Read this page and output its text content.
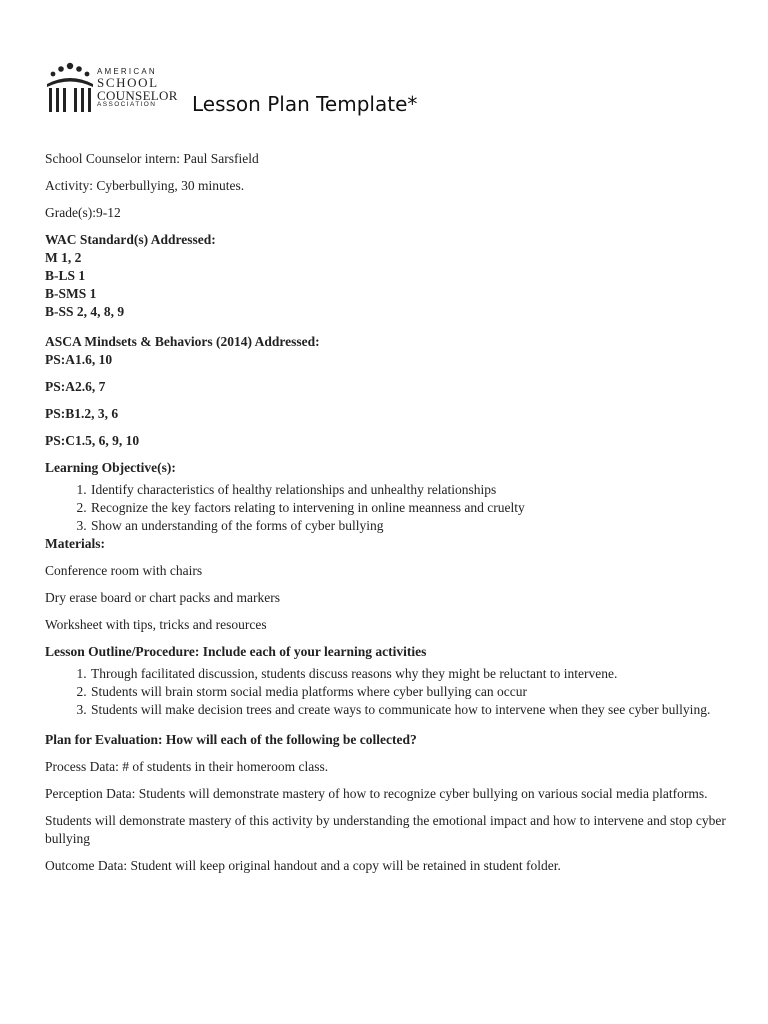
AMERICAN
SCHOOL
COUNSELOR
ASSOCIATION	Lesson Plan Template*

School Counselor intern: Paul Sarsfield

Activity: Cyberbullying, 30 minutes.

Grade(s):9-12

WAC Standard(s) Addressed:

M 1, 2

B-LS 1

B-SMS 1

B-SS 2, 4, 8, 9

ASCA Mindsets & Behaviors (2014) Addressed:

PS:A1.6, 10

PS:A2.6, 7

PS:B1.2, 3, 6

PS:C1.5, 6, 9, 10

Learning Objective(s):

1. Identify characteristics of healthy relationships and unhealthy relationships
2. Recognize the key factors relating to intervening in online meanness and cruelty
3. Show an understanding of the forms of cyber bullying

Materials:

Conference room with chairs

Dry erase board or chart packs and markers

Worksheet with tips, tricks and resources

Lesson Outline/Procedure: Include each of your learning activities

1. Through facilitated discussion, students discuss reasons why they might be reluctant to intervene.
2. Students will brain storm social media platforms where cyber bullying can occur
3. Students will make decision trees and create ways to communicate how to intervene when they see cyber bullying.

Plan for Evaluation: How will each of the following be collected?

Process Data: # of students in their homeroom class.

Perception Data: Students will demonstrate mastery of how to recognize cyber bullying on various social media platforms.

Students will demonstrate mastery of this activity by understanding the emotional impact and how to intervene and stop cyber bullying

Outcome Data: Student will keep original handout and a copy will be retained in student folder.
